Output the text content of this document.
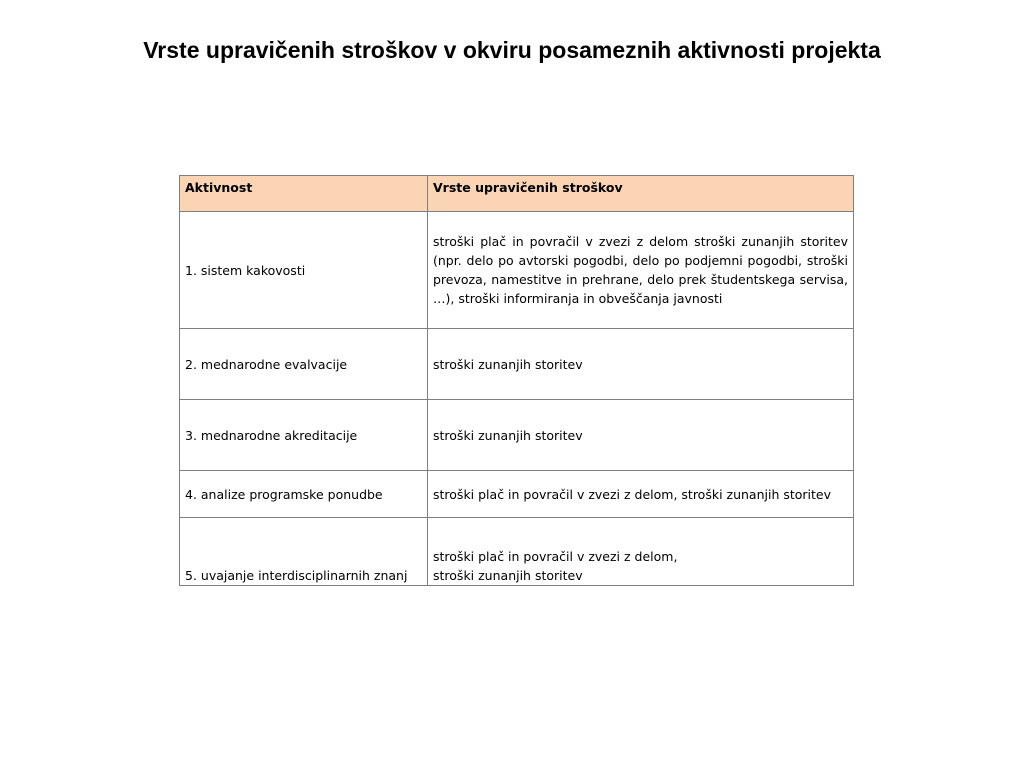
Vrste upravičenih stroškov v okviru posameznih aktivnosti projekta
Aktivnost	Vrste upravičenih stroškov
1. sistem kakovosti	stroški plač in povračil v zvezi z delom stroški zunanjih storitev (npr. delo po avtorski pogodbi, delo po podjemni pogodbi, stroški prevoza, namestitve in prehrane, delo prek študentskega servisa, …), stroški informiranja in obveščanja javnosti
2. mednarodne evalvacije	stroški zunanjih storitev
3. mednarodne akreditacije	stroški zunanjih storitev
4. analize programske ponudbe	stroški plač in povračil v zvezi z delom, stroški zunanjih storitev
5. uvajanje interdisciplinarnih znanj	stroški plač in povračil v zvezi z delom,
stroški zunanjih storitev
